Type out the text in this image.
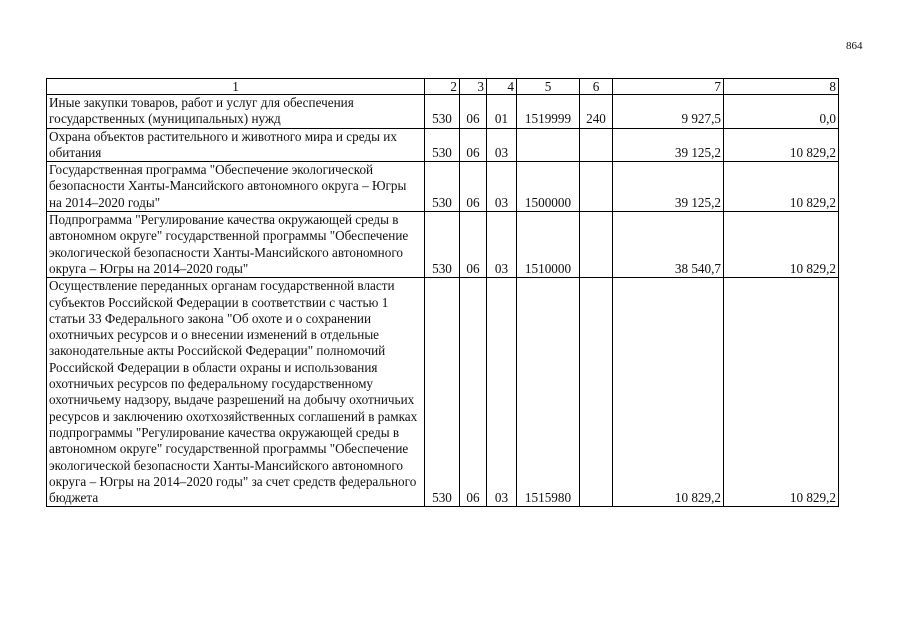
864
1	2	3	4	5	6	7	8
Иные закупки товаров, работ и услуг для обеспечения государственных (муниципальных) нужд	530	06	01	1519999	240	9 927,5	0,0
Охрана объектов растительного и животного мира и среды их обитания	530	06	03			39 125,2	10 829,2
Государственная программа "Обеспечение экологической безопасности Ханты-Мансийского автономного округа – Югры на 2014–2020 годы"	530	06	03	1500000		39 125,2	10 829,2
Подпрограмма "Регулирование качества окружающей среды в автономном округе" государственной программы "Обеспечение экологической безопасности Ханты-Мансийского автономного округа – Югры на 2014–2020 годы"	530	06	03	1510000		38 540,7	10 829,2
Осуществление переданных органам государственной власти субъектов Российской Федерации в соответствии с частью 1 статьи 33 Федерального закона "Об охоте и о сохранении охотничьих ресурсов и о внесении изменений в отдельные законодательные акты Российской Федерации" полномочий Российской Федерации в области охраны и использования охотничьих ресурсов по федеральному государственному охотничьему надзору, выдаче разрешений на добычу охотничьих ресурсов и заключению охотхозяйственных соглашений в рамках подпрограммы "Регулирование качества окружающей среды в автономном округе" государственной программы "Обеспечение экологической безопасности Ханты-Мансийского автономного округа – Югры на 2014–2020 годы" за счет средств федерального бюджета	530	06	03	1515980		10 829,2	10 829,2
